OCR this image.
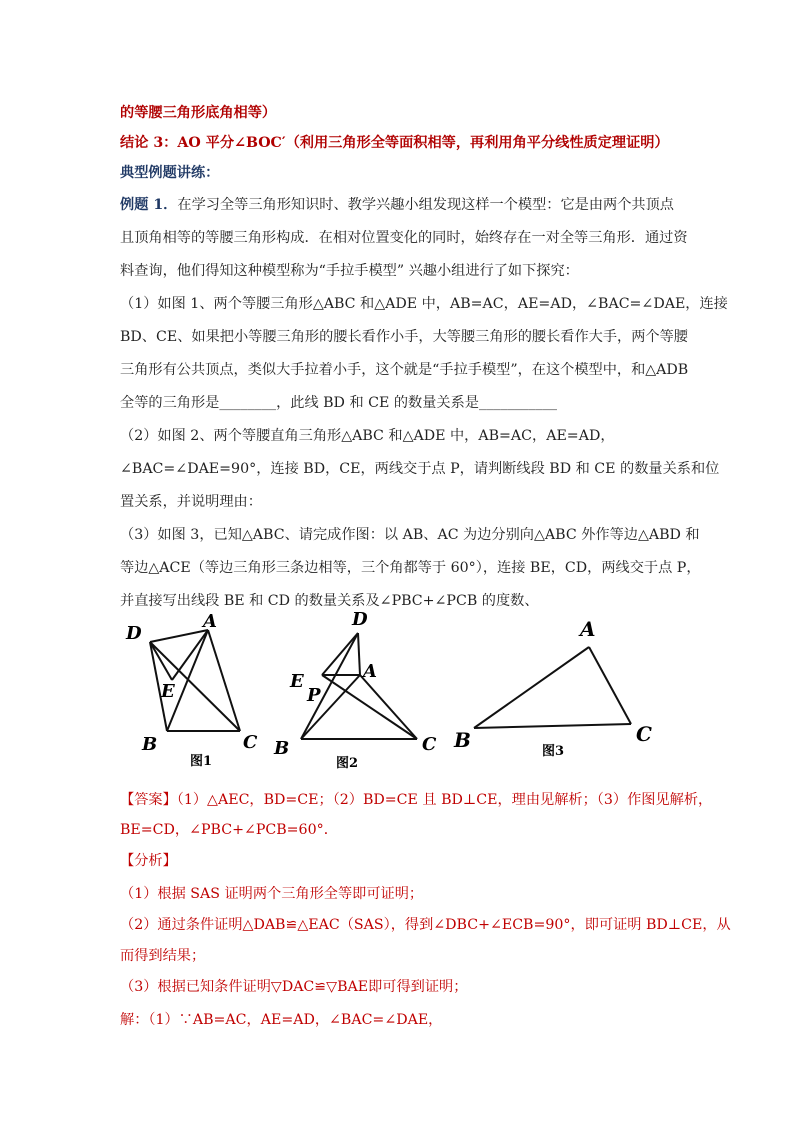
的等腰三角形底角相等）
结论 3：AO 平分∠BOC′（利用三角形全等面积相等，再利用角平分线性质定理证明）
典型例题讲练：
例题 1．在学习全等三角形知识时、教学兴趣小组发现这样一个模型：它是由两个共顶点
且顶角相等的等腰三角形构成．在相对位置变化的同时，始终存在一对全等三角形．通过资
料查询，他们得知这种模型称为“手拉手模型” 兴趣小组进行了如下探究：
（1）如图 1、两个等腰三角形△ABC 和△ADE 中，AB=AC，AE=AD，∠BAC=∠DAE，连接
BD、CE、如果把小等腰三角形的腰长看作小手，大等腰三角形的腰长看作大手，两个等腰
三角形有公共顶点，类似大手拉着小手，这个就是“手拉手模型”，在这个模型中，和△ADB
全等的三角形是________，此线 BD 和 CE 的数量关系是___________
（2）如图 2、两个等腰直角三角形△ABC 和△ADE 中，AB=AC，AE=AD，
∠BAC=∠DAE=90°，连接 BD，CE，两线交于点 P，请判断线段 BD 和 CE 的数量关系和位
置关系，并说明理由：
（3）如图 3，已知△ABC、请完成作图：以 AB、AC 为边分别向△ABC 外作等边△ABD 和
等边△ACE（等边三角形三条边相等，三个角都等于 60°），连接 BE，CD，两线交于点 P，
并直接写出线段 BE 和 CD 的数量关系及∠PBC+∠PCB 的度数、
D
A
E
B	C
图1
D
A
E
P
B	C
图2
A
B	C
图3
【答案】（1）△AEC，BD=CE；（2）BD=CE 且 BD⊥CE，理由见解析；（3）作图见解析，
BE=CD，∠PBC+∠PCB=60°．
【分析】
（1）根据 SAS 证明两个三角形全等即可证明；
（2）通过条件证明△DAB≌△EAC（SAS），得到∠DBC+∠ECB=90°，即可证明 BD⊥CE，从
而得到结果；
（3）根据已知条件证明▽DAC≌▽BAE即可得到证明；
解：（1）∵AB=AC，AE=AD，∠BAC=∠DAE，
